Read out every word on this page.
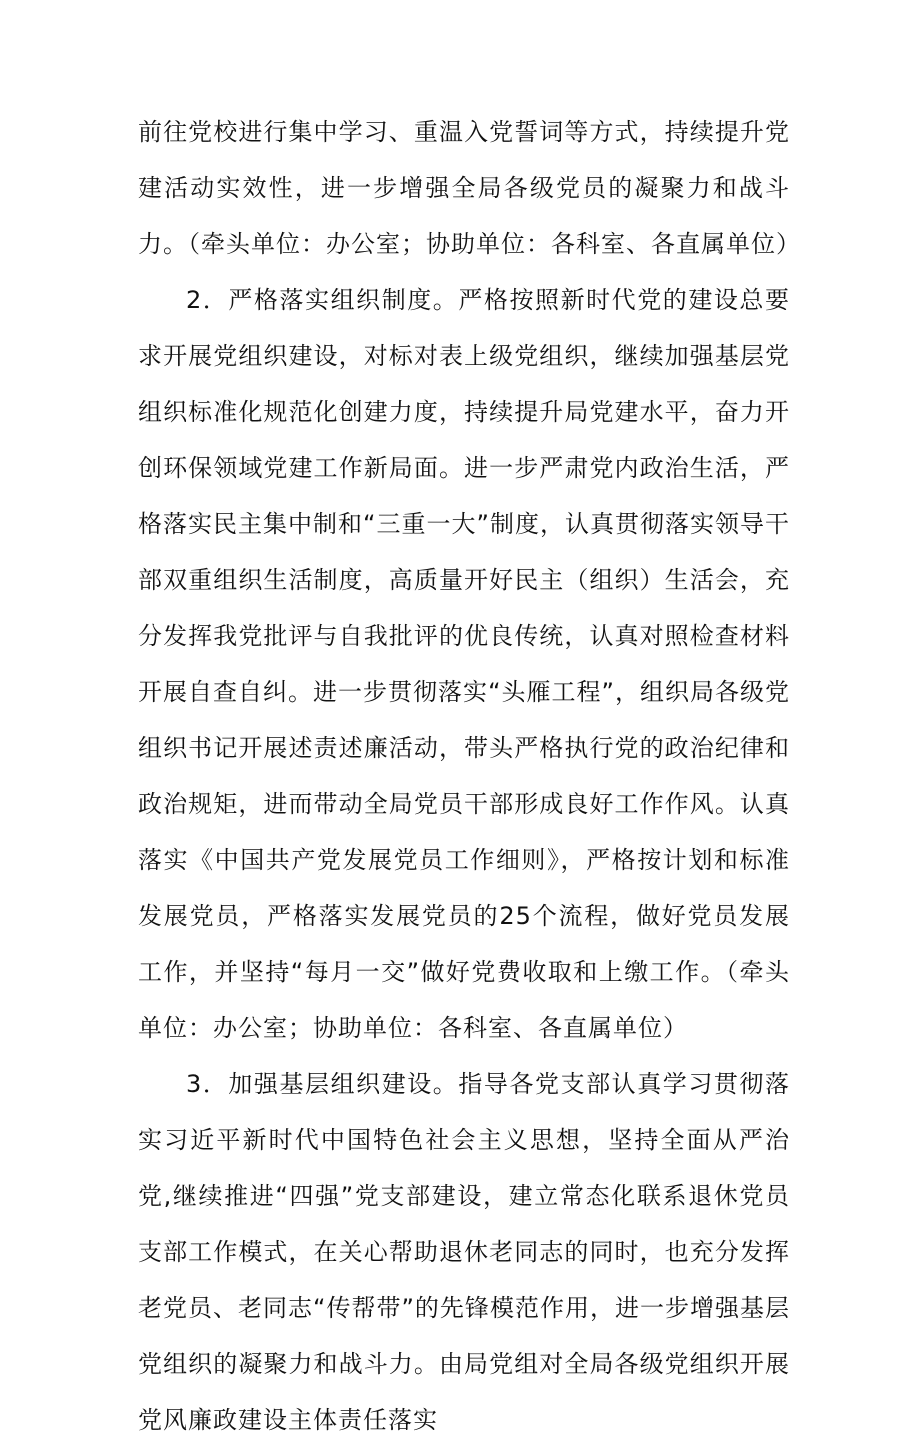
前往党校进行集中学习、重温入党誓词等方式，持续提升党建活动实效性，进一步增强全局各级党员的凝聚力和战斗力。（牵头单位：办公室；协助单位：各科室、各直属单位）

2．严格落实组织制度。严格按照新时代党的建设总要求开展党组织建设，对标对表上级党组织，继续加强基层党组织标准化规范化创建力度，持续提升局党建水平，奋力开创环保领域党建工作新局面。进一步严肃党内政治生活，严格落实民主集中制和“三重一大”制度，认真贯彻落实领导干部双重组织生活制度，高质量开好民主（组织）生活会，充分发挥我党批评与自我批评的优良传统，认真对照检查材料开展自查自纠。进一步贯彻落实“头雁工程”，组织局各级党组织书记开展述责述廉活动，带头严格执行党的政治纪律和政治规矩，进而带动全局党员干部形成良好工作作风。认真落实《中国共产党发展党员工作细则》，严格按计划和标准发展党员，严格落实发展党员的25个流程，做好党员发展工作，并坚持“每月一交”做好党费收取和上缴工作。（牵头单位：办公室；协助单位：各科室、各直属单位）

3．加强基层组织建设。指导各党支部认真学习贯彻落实习近平新时代中国特色社会主义思想，坚持全面从严治党,继续推进“四强”党支部建设，建立常态化联系退休党员支部工作模式，在关心帮助退休老同志的同时，也充分发挥老党员、老同志“传帮带”的先锋模范作用，进一步增强基层党组织的凝聚力和战斗力。由局党组对全局各级党组织开展党风廉政建设主体责任落实
